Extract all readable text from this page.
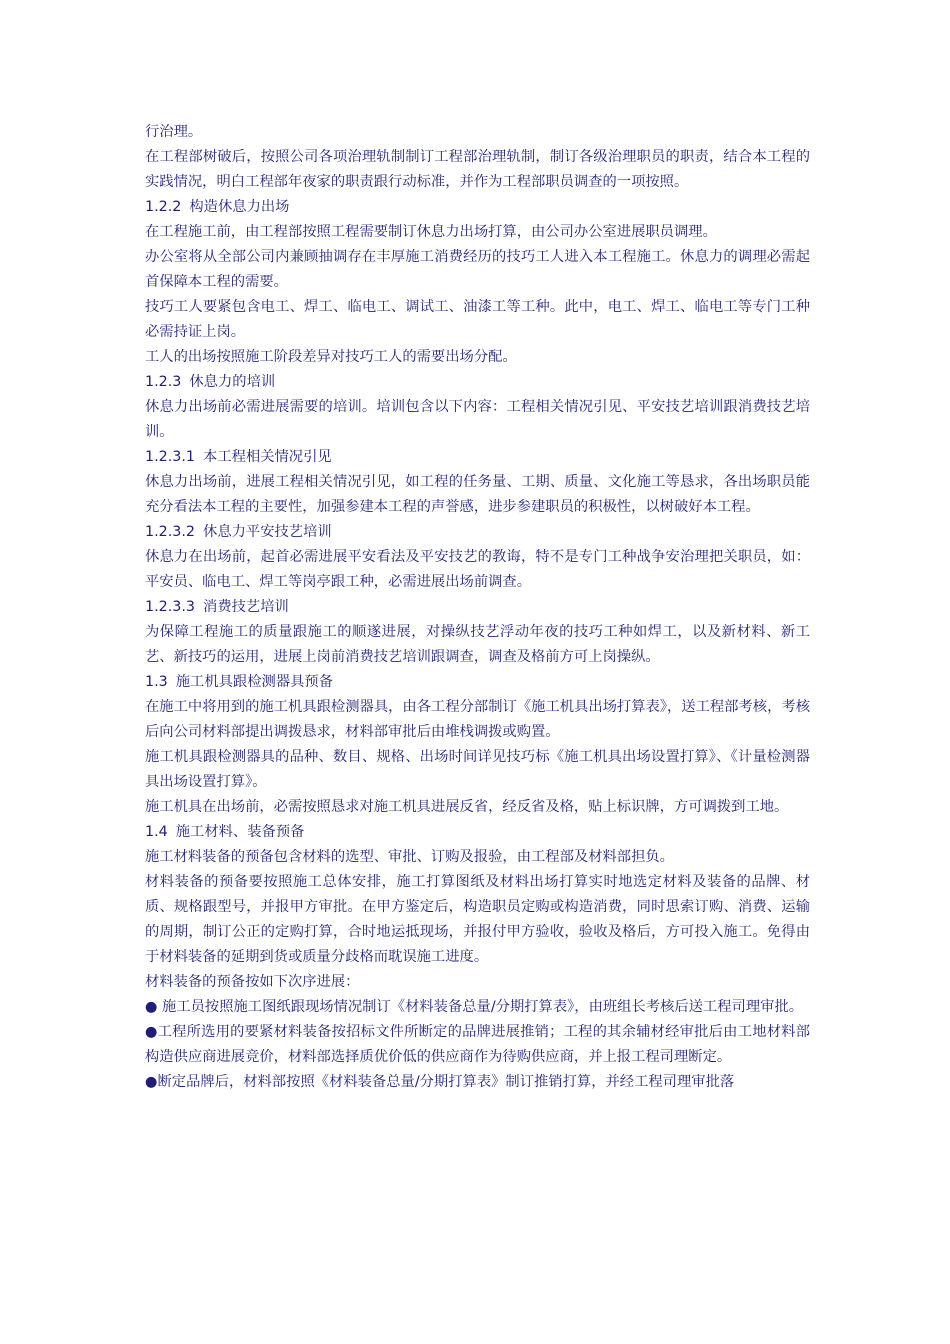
行治理。

在工程部树破后，按照公司各项治理轨制制订工程部治理轨制，制订各级治理职员的职责，结合本工程的实践情况，明白工程部年夜家的职责跟行动标准，并作为工程部职员调查的一项按照。

1.2.2 构造休息力出场

在工程施工前，由工程部按照工程需要制订休息力出场打算，由公司办公室进展职员调理。

办公室将从全部公司内兼顾抽调存在丰厚施工消费经历的技巧工人进入本工程施工。休息力的调理必需起首保障本工程的需要。

技巧工人要紧包含电工、焊工、临电工、调试工、油漆工等工种。此中，电工、焊工、临电工等专门工种必需持证上岗。

工人的出场按照施工阶段差异对技巧工人的需要出场分配。

1.2.3 休息力的培训

休息力出场前必需进展需要的培训。培训包含以下内容：工程相关情况引见、平安技艺培训跟消费技艺培训。

1.2.3.1 本工程相关情况引见

休息力出场前，进展工程相关情况引见，如工程的任务量、工期、质量、文化施工等恳求，各出场职员能充分看法本工程的主要性，加强参建本工程的声誉感，进步参建职员的积极性，以树破好本工程。

1.2.3.2 休息力平安技艺培训

休息力在出场前，起首必需进展平安看法及平安技艺的教诲，特不是专门工种战争安治理把关职员，如：平安员、临电工、焊工等岗亭跟工种，必需进展出场前调查。

1.2.3.3 消费技艺培训

为保障工程施工的质量跟施工的顺遂进展，对操纵技艺浮动年夜的技巧工种如焊工，以及新材料、新工艺、新技巧的运用，进展上岗前消费技艺培训跟调查，调查及格前方可上岗操纵。

1.3 施工机具跟检测器具预备

在施工中将用到的施工机具跟检测器具，由各工程分部制订《施工机具出场打算表》，送工程部考核，考核后向公司材料部提出调拨恳求，材料部审批后由堆栈调拨或购置。

施工机具跟检测器具的品种、数目、规格、出场时间详见技巧标《施工机具出场设置打算》、《计量检测器具出场设置打算》。

施工机具在出场前，必需按照恳求对施工机具进展反省，经反省及格，贴上标识牌，方可调拨到工地。

1.4 施工材料、装备预备

施工材料装备的预备包含材料的选型、审批、订购及报验，由工程部及材料部担负。

材料装备的预备要按照施工总体安排，施工打算图纸及材料出场打算实时地选定材料及装备的品牌、材质、规格跟型号，并报甲方审批。在甲方鉴定后，构造职员定购或构造消费，同时思索订购、消费、运输的周期，制订公正的定购打算，合时地运抵现场，并报付甲方验收，验收及格后，方可投入施工。免得由于材料装备的延期到货或质量分歧格而耽误施工进度。

材料装备的预备按如下次序进展：

● 施工员按照施工图纸跟现场情况制订《材料装备总量/分期打算表》，由班组长考核后送工程司理审批。

●工程所选用的要紧材料装备按招标文件所断定的品牌进展推销；工程的其余辅材经审批后由工地材料部构造供应商进展竞价，材料部选择质优价低的供应商作为待购供应商，并上报工程司理断定。

●断定品牌后，材料部按照《材料装备总量/分期打算表》制订推销打算，并经工程司理审批落
